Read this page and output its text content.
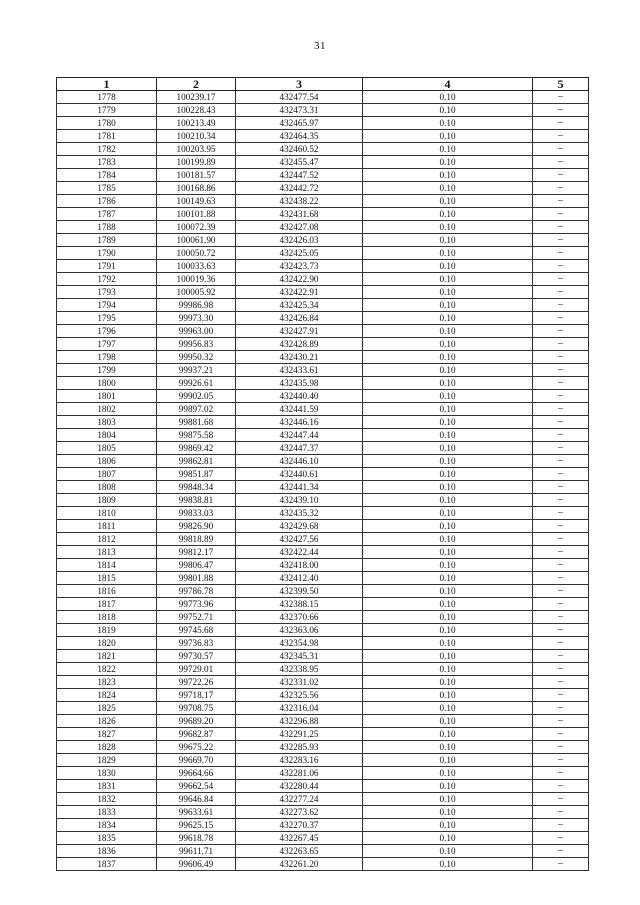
31
1	2	3	4	5
1778	100239.17	432477.54	0.10	–
1779	100228.43	432473.31	0.10	–
1780	100213.49	432465.97	0.10	–
1781	100210.34	432464.35	0.10	–
1782	100203.95	432460.52	0.10	–
1783	100199.89	432455.47	0.10	–
1784	100181.57	432447.52	0.10	–
1785	100168.86	432442.72	0.10	–
1786	100149.63	432438.22	0.10	–
1787	100101.88	432431.68	0.10	–
1788	100072.39	432427.08	0.10	–
1789	100061.90	432426.03	0.10	–
1790	100050.72	432425.05	0.10	–
1791	100033.63	432423.73	0.10	–
1792	100019.36	432422.90	0.10	–
1793	100005.92	432422.91	0.10	–
1794	99986.98	432425.34	0.10	–
1795	99973.30	432426.84	0.10	–
1796	99963.00	432427.91	0.10	–
1797	99956.83	432428.89	0.10	–
1798	99950.32	432430.21	0.10	–
1799	99937.21	432433.61	0.10	–
1800	99926.61	432435.98	0.10	–
1801	99902.05	432440.40	0.10	–
1802	99897.02	432441.59	0.10	–
1803	99881.68	432446.16	0.10	–
1804	99875.58	432447.44	0.10	–
1805	99869.42	432447.37	0.10	–
1806	99862.81	432446.10	0.10	–
1807	99851.87	432440.61	0.10	–
1808	99848.34	432441.34	0.10	–
1809	99838.81	432439.10	0.10	–
1810	99833.03	432435.32	0.10	–
1811	99826.90	432429.68	0.10	–
1812	99818.89	432427.56	0.10	–
1813	99812.17	432422.44	0.10	–
1814	99806.47	432418.00	0.10	–
1815	99801.88	432412.40	0.10	–
1816	99786.78	432399.50	0.10	–
1817	99773.96	432388.15	0.10	–
1818	99752.71	432370.66	0.10	–
1819	99745.68	432363.06	0.10	–
1820	99736.83	432354.98	0.10	–
1821	99730.57	432345.31	0.10	–
1822	99729.01	432338.95	0.10	–
1823	99722.26	432331.02	0.10	–
1824	99718.17	432325.56	0.10	–
1825	99708.75	432316.04	0.10	–
1826	99689.20	432296.88	0.10	–
1827	99682.87	432291.25	0.10	–
1828	99675.22	432285.93	0.10	–
1829	99669.70	432283.16	0.10	–
1830	99664.66	432281.06	0.10	–
1831	99662.54	432280.44	0.10	–
1832	99646.84	432277.24	0.10	–
1833	99633.61	432273.62	0.10	–
1834	99625.15	432270.37	0.10	–
1835	99618.78	432267.45	0.10	–
1836	99611.71	432263.65	0.10	–
1837	99606.49	432261.20	0.10	–
